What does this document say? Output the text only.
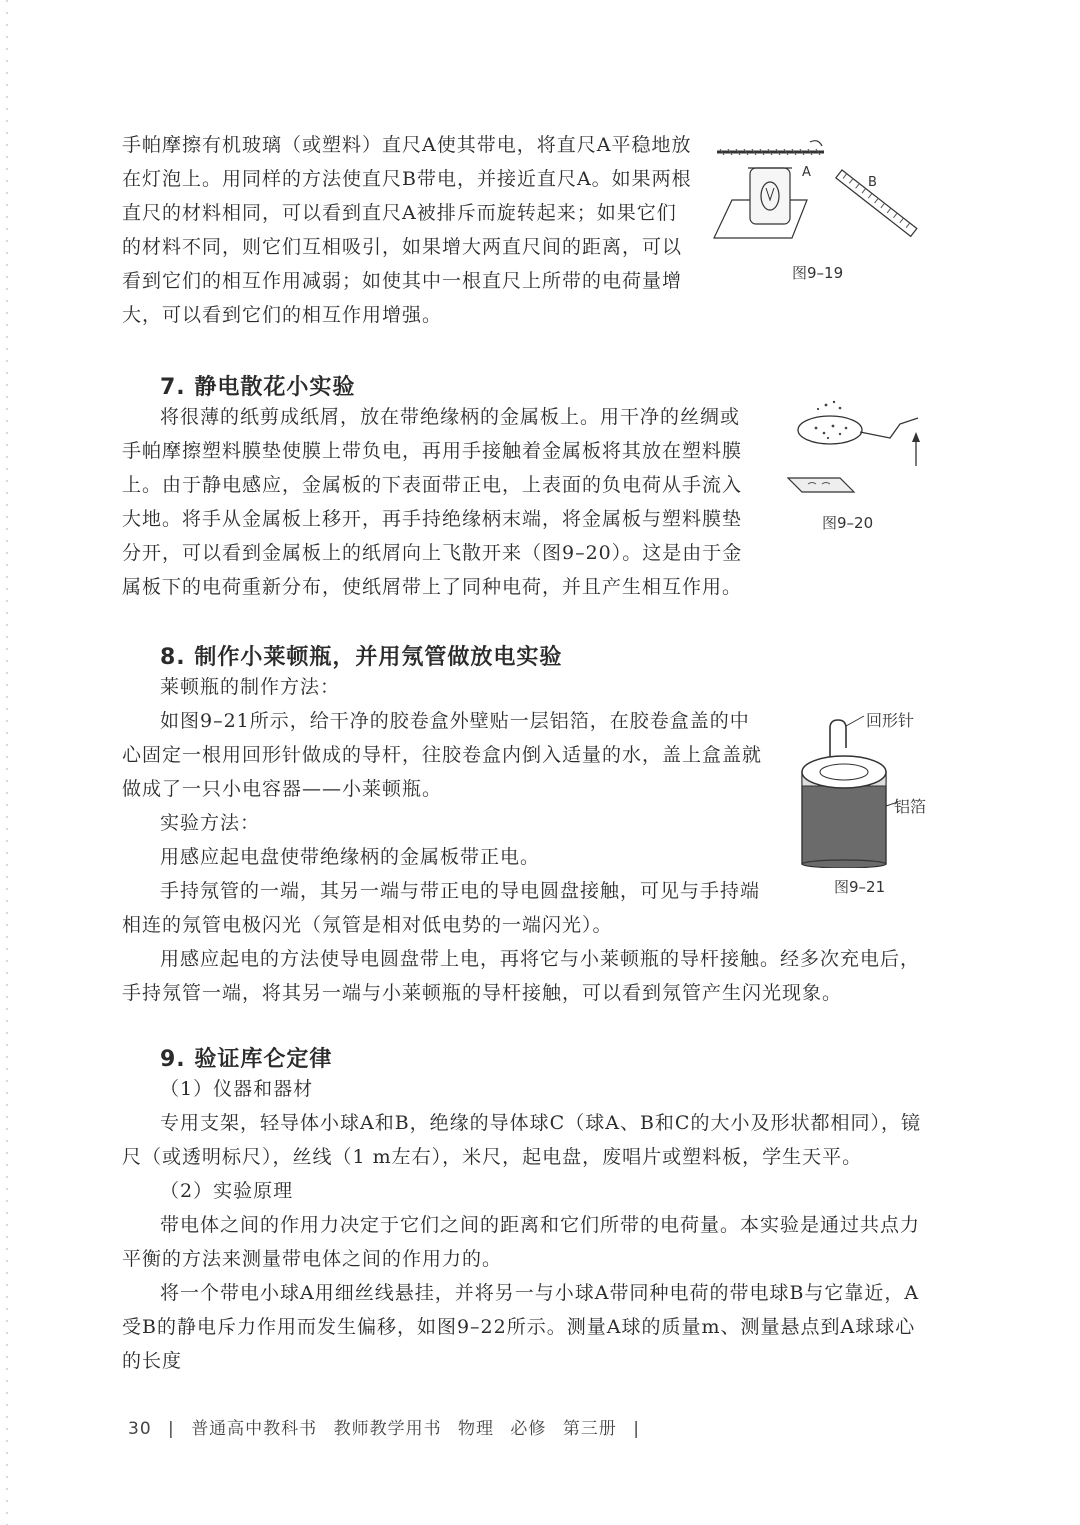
手帕摩擦有机玻璃（或塑料）直尺A使其带电，将直尺A平稳地放在灯泡上。用同样的方法使直尺B带电，并接近直尺A。如果两根直尺的材料相同，可以看到直尺A被排斥而旋转起来；如果它们的材料不同，则它们互相吸引，如果增大两直尺间的距离，可以看到它们的相互作用减弱；如使其中一根直尺上所带的电荷量增大，可以看到它们的相互作用增强。

A
B
图9–19
7. 静电散花小实验

将很薄的纸剪成纸屑，放在带绝缘柄的金属板上。用干净的丝绸或手帕摩擦塑料膜垫使膜上带负电，再用手接触着金属板将其放在塑料膜上。由于静电感应，金属板的下表面带正电，上表面的负电荷从手流入大地。将手从金属板上移开，再手持绝缘柄末端，将金属板与塑料膜垫分开，可以看到金属板上的纸屑向上飞散开来（图9–20）。这是由于金属板下的电荷重新分布，使纸屑带上了同种电荷，并且产生相互作用。

图9–20
8. 制作小莱顿瓶，并用氖管做放电实验
莱顿瓶的制作方法：

如图9–21所示，给干净的胶卷盒外壁贴一层铝箔，在胶卷盒盖的中心固定一根用回形针做成的导杆，往胶卷盒内倒入适量的水，盖上盒盖就做成了一只小电容器——小莱顿瓶。

实验方法：

用感应起电盘使带绝缘柄的金属板带正电。

手持氖管的一端，其另一端与带正电的导电圆盘接触，可见与手持端相连的氖管电极闪光（氖管是相对低电势的一端闪光）。

用感应起电的方法使导电圆盘带上电，再将它与小莱顿瓶的导杆接触。经多次充电后，手持氖管一端，将其另一端与小莱顿瓶的导杆接触，可以看到氖管产生闪光现象。

回形针
铝箔
图9–21
9. 验证库仑定律
（1）仪器和器材

专用支架，轻导体小球A和B，绝缘的导体球C（球A、B和C的大小及形状都相同），镜尺（或透明标尺），丝线（1 m左右），米尺，起电盘，废唱片或塑料板，学生天平。

（2）实验原理

带电体之间的作用力决定于它们之间的距离和它们所带的电荷量。本实验是通过共点力平衡的方法来测量带电体之间的作用力的。

将一个带电小球A用细丝线悬挂，并将另一与小球A带同种电荷的带电球B与它靠近，A受B的静电斥力作用而发生偏移，如图9–22所示。测量A球的质量m、测量悬点到A球球心的长度

30 | 普通高中教科书 教师教学用书 物理 必修 第三册 |
